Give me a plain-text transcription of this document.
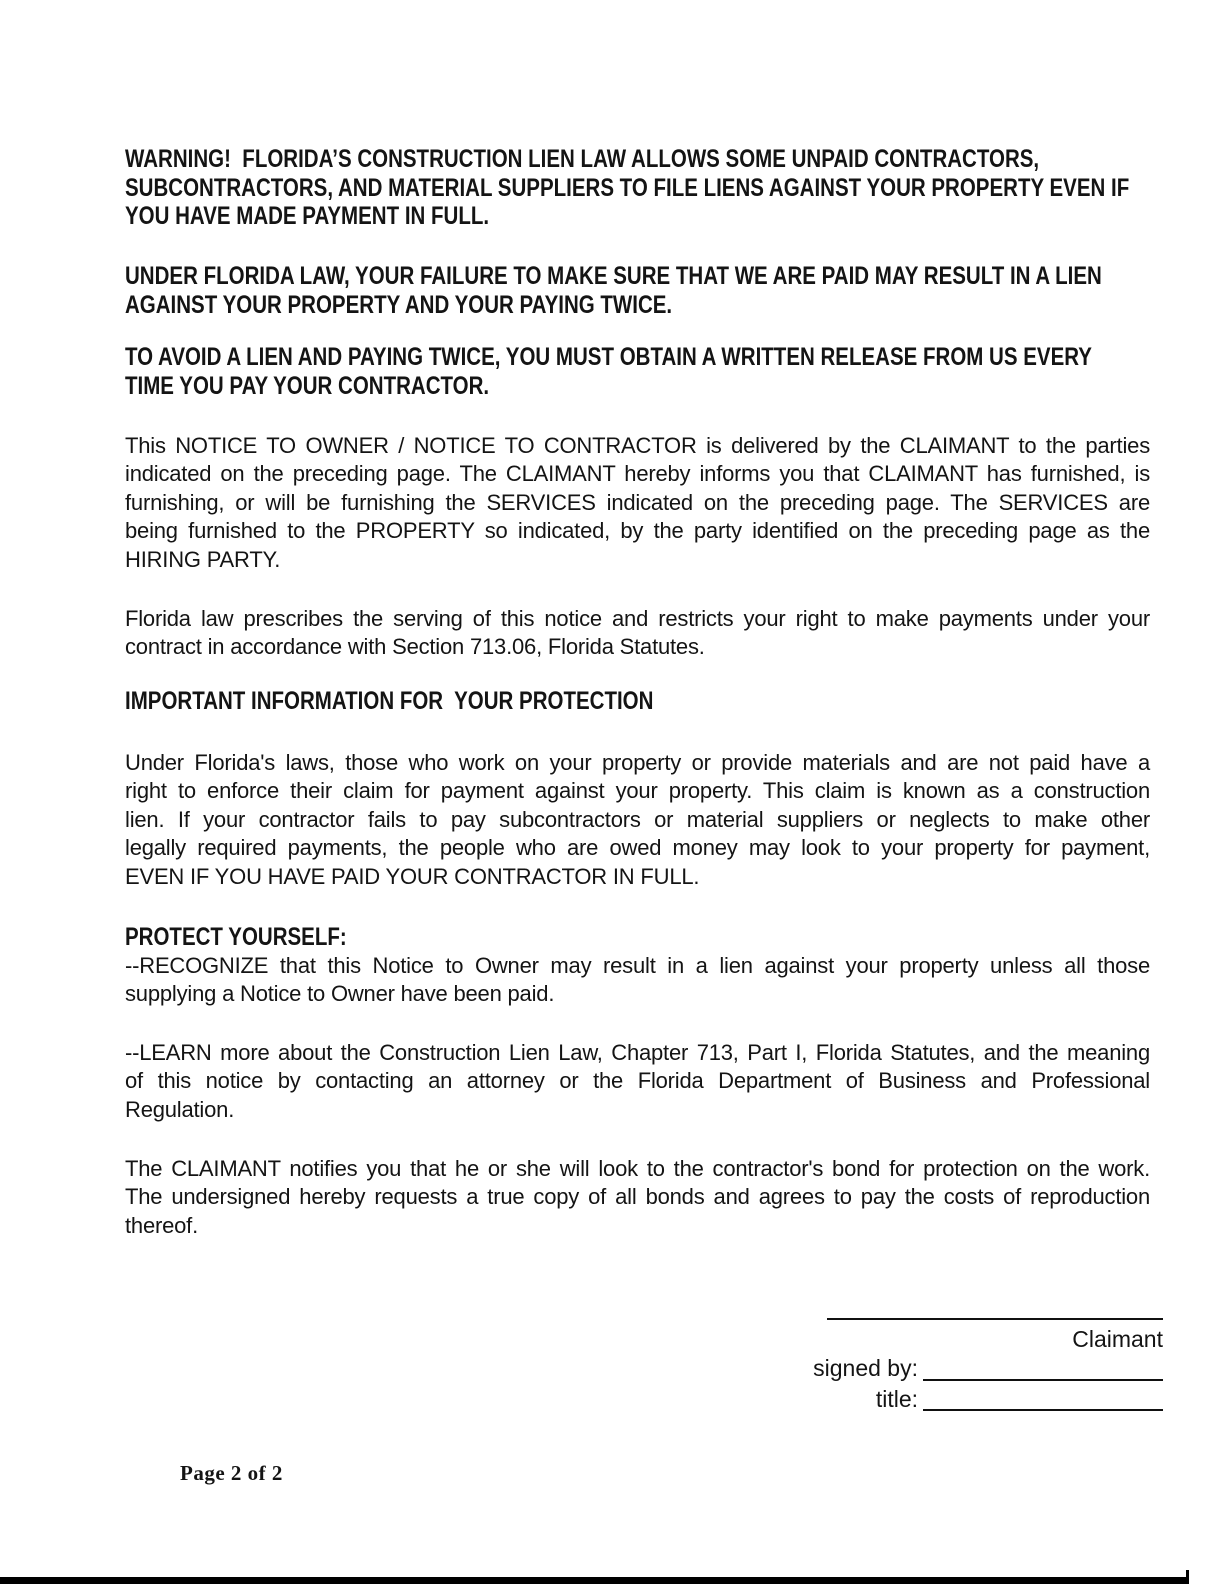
WARNING!  FLORIDA’S CONSTRUCTION LIEN LAW ALLOWS SOME UNPAID CONTRACTORS,
SUBCONTRACTORS, AND MATERIAL SUPPLIERS TO FILE LIENS AGAINST YOUR PROPERTY EVEN IF
YOU HAVE MADE PAYMENT IN FULL.
UNDER FLORIDA LAW, YOUR FAILURE TO MAKE SURE THAT WE ARE PAID MAY RESULT IN A LIEN
AGAINST YOUR PROPERTY AND YOUR PAYING TWICE.
TO AVOID A LIEN AND PAYING TWICE, YOU MUST OBTAIN A WRITTEN RELEASE FROM US EVERY
TIME YOU PAY YOUR CONTRACTOR.
This NOTICE TO OWNER / NOTICE TO CONTRACTOR is delivered by the CLAIMANT to the parties
indicated on the preceding page. The CLAIMANT hereby informs you that CLAIMANT has furnished, is
furnishing, or will be furnishing the SERVICES indicated on the preceding page. The SERVICES are
being furnished to the PROPERTY so indicated, by the party identified on the preceding page as the
HIRING PARTY.
Florida law prescribes the serving of this notice and restricts your right to make payments under your
contract in accordance with Section 713.06, Florida Statutes.
IMPORTANT INFORMATION FOR  YOUR PROTECTION
Under Florida's laws, those who work on your property or provide materials and are not paid have a
right to enforce their claim for payment against your property. This claim is known as a construction
lien. If your contractor fails to pay subcontractors or material suppliers or neglects to make other
legally required payments, the people who are owed money may look to your property for payment,
EVEN IF YOU HAVE PAID YOUR CONTRACTOR IN FULL.
PROTECT YOURSELF:
--RECOGNIZE that this Notice to Owner may result in a lien against your property unless all those
supplying a Notice to Owner have been paid.
--LEARN more about the Construction Lien Law, Chapter 713, Part I, Florida Statutes, and the meaning
of this notice by contacting an attorney or the Florida Department of Business and Professional
Regulation.
The CLAIMANT notifies you that he or she will look to the contractor's bond for protection on the work.
The undersigned hereby requests a true copy of all bonds and agrees to pay the costs of reproduction
thereof.
Claimant
signed by:
title:
Page 2 of 2
